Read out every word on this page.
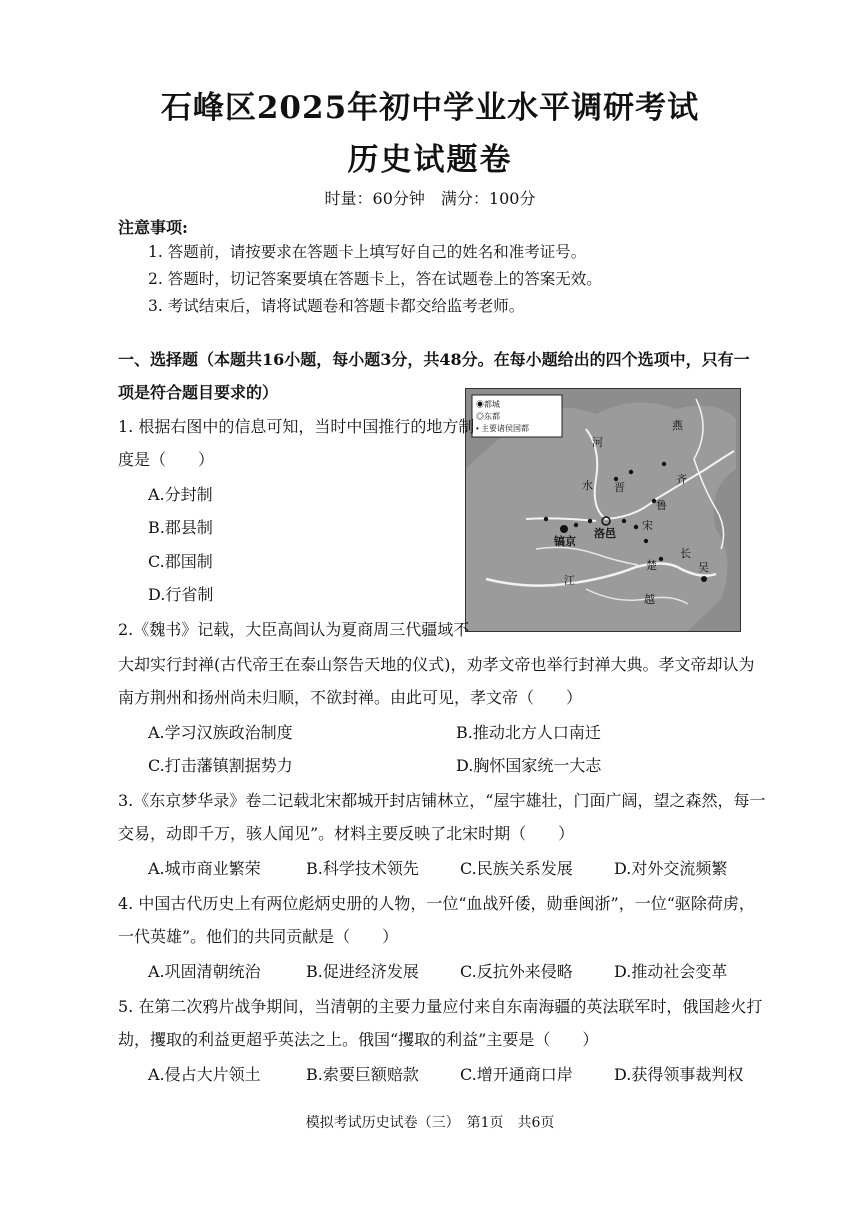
石峰区2025年初中学业水平调研考试
历史试题卷
时量：60分钟　满分：100分
注意事项:
1. 答题前，请按要求在答题卡上填写好自己的姓名和准考证号。
2. 答题时，切记答案要填在答题卡上，答在试题卷上的答案无效。
3. 考试结束后，请将试题卷和答题卡都交给监考老师。
一、选择题（本题共16小题，每小题3分，共48分。在每小题给出的四个选项中，只有一
项是符合题目要求的）
◉都城
◎东都
• 主要诸侯国都
河
燕
齐
水 晋
鲁
镐京
洛邑
宋
楚
江
长
吴
越
1. 根据右图中的信息可知，当时中国推行的地方制
度是（　　）
A.分封制
B.郡县制
C.郡国制
D.行省制
2.《魏书》记载，大臣高闾认为夏商周三代疆域不
大却实行封禅(古代帝王在泰山祭告天地的仪式)，劝孝文帝也举行封禅大典。孝文帝却认为
南方荆州和扬州尚未归顺，不欲封禅。由此可见，孝文帝（　　）
A.学习汉族政治制度	B.推动北方人口南迁
C.打击藩镇割据势力	D.胸怀国家统一大志
3.《东京梦华录》卷二记载北宋都城开封店铺林立，“屋宇雄壮，门面广阔，望之森然，每一
交易，动即千万，骇人闻见”。材料主要反映了北宋时期（　　）
A.城市商业繁荣	B.科学技术领先	C.民族关系发展	D.对外交流频繁
4. 中国古代历史上有两位彪炳史册的人物，一位“血战歼倭，勋垂闽浙”，一位“驱除荷虏，
一代英雄”。他们的共同贡献是（　　）
A.巩固清朝统治	B.促进经济发展	C.反抗外来侵略	D.推动社会变革
5. 在第二次鸦片战争期间，当清朝的主要力量应付来自东南海疆的英法联军时，俄国趁火打
劫，攫取的利益更超乎英法之上。俄国“攫取的利益”主要是（　　）
A.侵占大片领土	B.索要巨额赔款	C.增开通商口岸	D.获得领事裁判权
模拟考试历史试卷（三）　第1页　共6页
